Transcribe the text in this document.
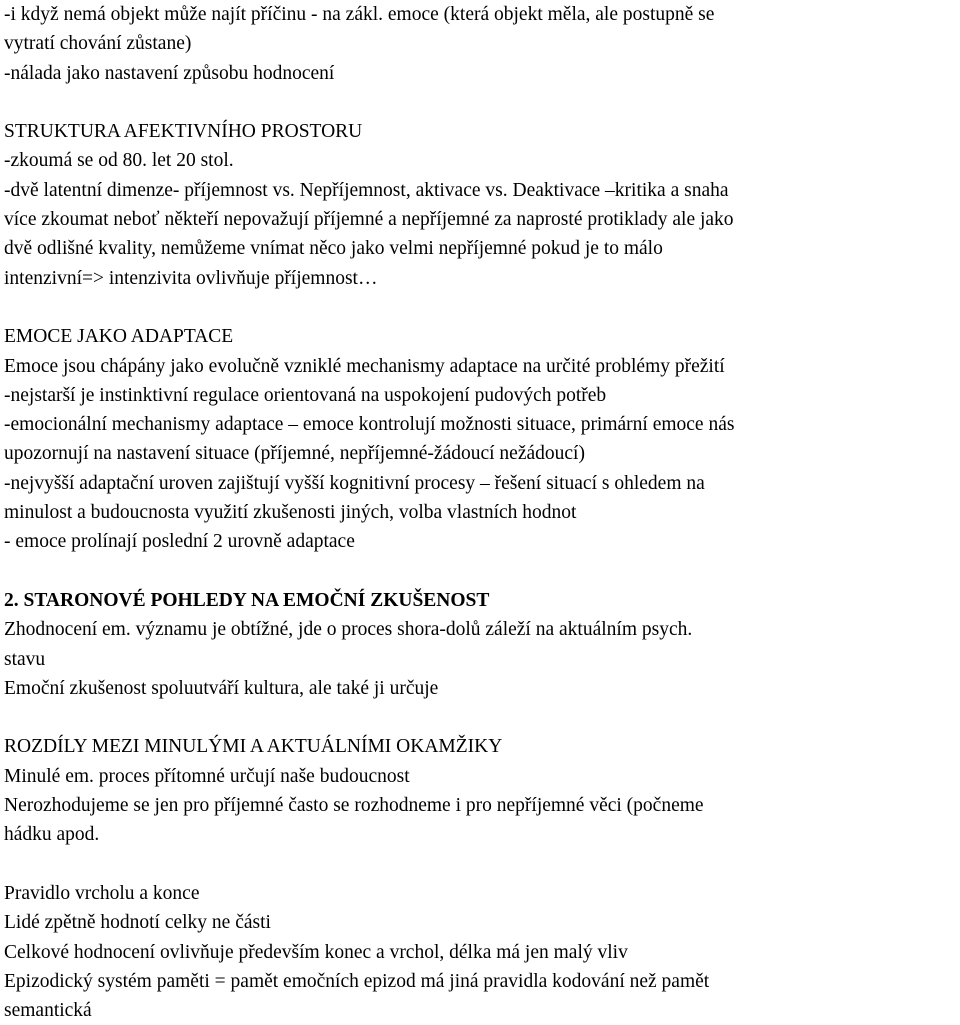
-i když nemá objekt může najít příčinu - na zákl. emoce (která objekt měla, ale postupně se
vytratí chování zůstane)
-nálada jako nastavení způsobu hodnocení
STRUKTURA AFEKTIVNÍHO PROSTORU
-zkoumá se od 80. let 20 stol.
-dvě latentní dimenze- příjemnost vs. Nepříjemnost, aktivace vs. Deaktivace –kritika a snaha
více zkoumat neboť někteří nepovažují příjemné a nepříjemné za naprosté protiklady ale jako
dvě odlišné kvality, nemůžeme vnímat něco jako velmi nepříjemné pokud je to málo
intenzivní=> intenzivita ovlivňuje příjemnost…
EMOCE JAKO ADAPTACE
Emoce jsou chápány jako evolučně vzniklé mechanismy adaptace na určité problémy přežití
-nejstarší je instinktivní regulace orientovaná na uspokojení pudových potřeb
-emocionální mechanismy adaptace – emoce kontrolují možnosti situace, primární emoce nás
upozornují na nastavení situace (příjemné, nepříjemné-žádoucí nežádoucí)
-nejvyšší adaptační uroven zajištují vyšší kognitivní procesy – řešení situací s ohledem na
minulost a budoucnosta využití zkušenosti jiných, volba vlastních hodnot
- emoce prolínají poslední 2 urovně adaptace
2. STARONOVÉ POHLEDY NA EMOČNÍ ZKUŠENOST
Zhodnocení em. významu je obtížné, jde o proces shora-dolů záleží na aktuálním psych.
stavu
Emoční zkušenost spoluutváří kultura, ale také ji určuje
ROZDÍLY MEZI MINULÝMI A AKTUÁLNÍMI OKAMŽIKY
Minulé em. proces přítomné určují naše budoucnost
Nerozhodujeme se jen pro příjemné často se rozhodneme i pro nepříjemné věci (počneme
hádku apod.
Pravidlo vrcholu a konce
Lidé zpětně hodnotí celky ne části
Celkové hodnocení ovlivňuje především konec a vrchol, délka má jen malý vliv
Epizodický systém paměti = pamět emočních epizod má jiná pravidla kodování než pamět
semantická
